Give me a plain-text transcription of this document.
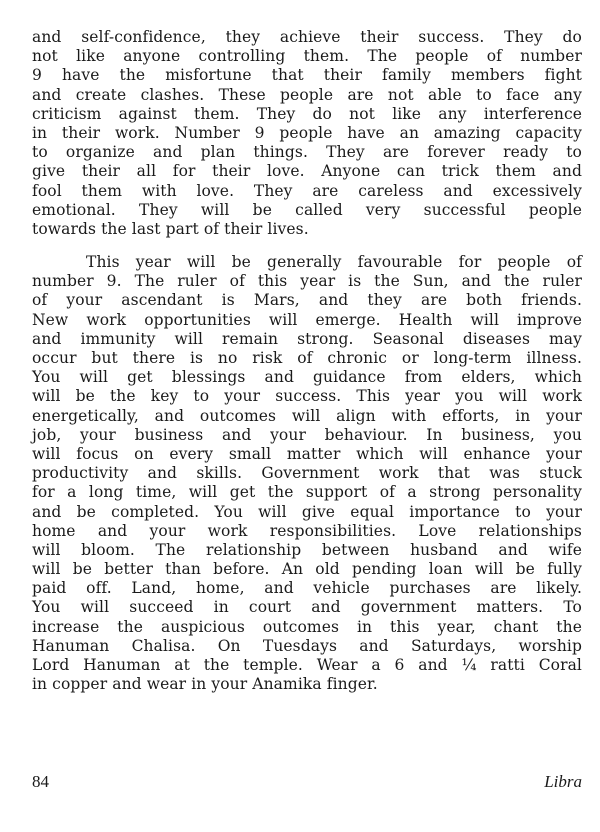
and self-confidence, they achieve their success. They do
not like anyone controlling them. The people of number
9 have the misfortune that their family members fight
and create clashes. These people are not able to face any
criticism against them. They do not like any interference
in their work. Number 9 people have an amazing capacity
to organize and plan things. They are forever ready to
give their all for their love. Anyone can trick them and
fool them with love. They are careless and excessively
emotional. They will be called very successful people
towards the last part of their lives.
This year will be generally favourable for people of
number 9. The ruler of this year is the Sun, and the ruler
of your ascendant is Mars, and they are both friends.
New work opportunities will emerge. Health will improve
and immunity will remain strong. Seasonal diseases may
occur but there is no risk of chronic or long-term illness.
You will get blessings and guidance from elders, which
will be the key to your success. This year you will work
energetically, and outcomes will align with efforts, in your
job, your business and your behaviour. In business, you
will focus on every small matter which will enhance your
productivity and skills. Government work that was stuck
for a long time, will get the support of a strong personality
and be completed. You will give equal importance to your
home and your work responsibilities. Love relationships
will bloom. The relationship between husband and wife
will be better than before. An old pending loan will be fully
paid off. Land, home, and vehicle purchases are likely.
You will succeed in court and government matters. To
increase the auspicious outcomes in this year, chant the
Hanuman Chalisa. On Tuesdays and Saturdays, worship
Lord Hanuman at the temple. Wear a 6 and ¼ ratti Coral
in copper and wear in your Anamika finger.
84	Libra
